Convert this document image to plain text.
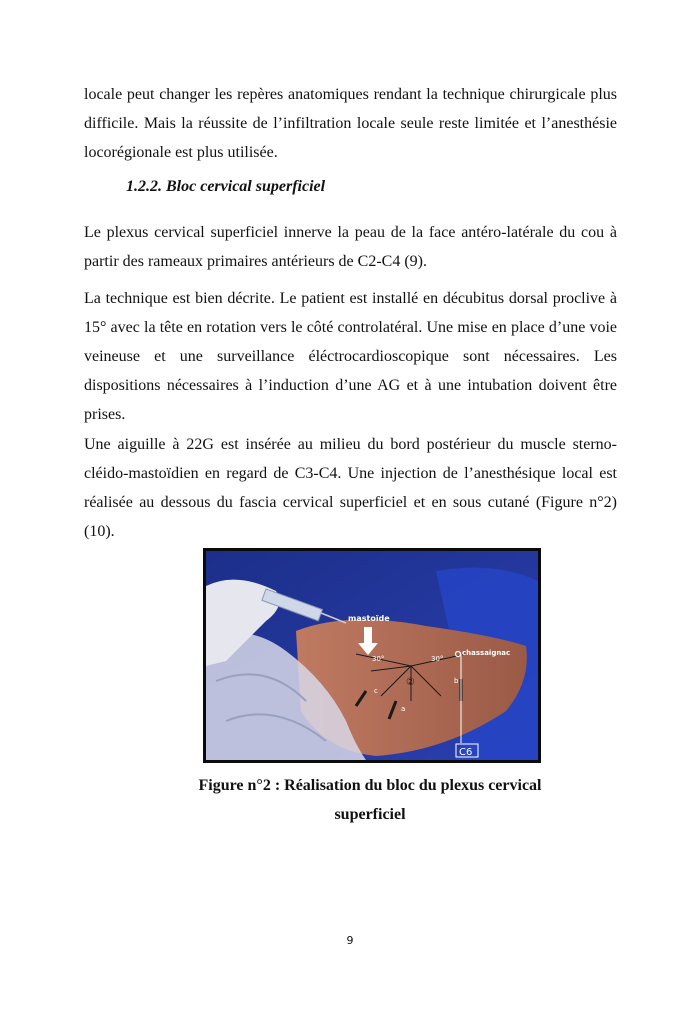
locale peut changer les repères anatomiques rendant la technique chirurgicale plus difficile. Mais la réussite de l’infiltration locale seule reste limitée et l’anesthésie locorégionale est plus utilisée.
1.2.2. Bloc cervical superficiel
Le plexus cervical superficiel innerve la peau de la face antéro-latérale du cou à partir des rameaux primaires antérieurs de C2-C4 (9).
La technique est bien décrite. Le patient est installé en décubitus dorsal proclive à 15° avec la tête en rotation vers le côté controlatéral. Une mise en place d’une voie veineuse et une surveillance éléctrocardioscopique sont nécessaires. Les dispositions nécessaires à l’induction d’une AG et à une intubation doivent être prises.
Une aiguille à 22G est insérée au milieu du bord postérieur du muscle sterno-cléido-mastoïdien en regard de C3-C4. Une injection de l’anesthésique local est réalisée au dessous du fascia cervical superficiel et en sous cutané (Figure n°2) (10).
mastoïde
30°	30°
②
chassaignac
c
a
b
C6
Figure n°2 : Réalisation du bloc du plexus cervical
superficiel
9
